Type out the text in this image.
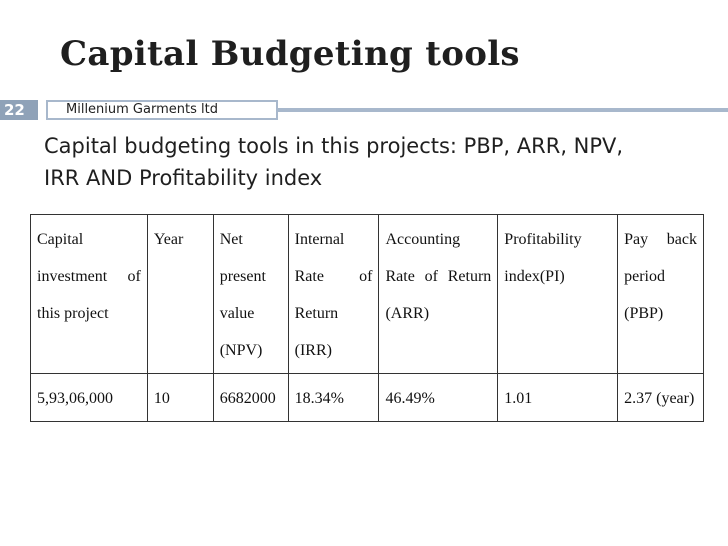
Capital Budgeting tools
22	Millenium Garments ltd
Capital budgeting tools in this projects: PBP, ARR, NPV, IRR AND Profitability index
Capital investment of this project	Year	Net present value (NPV)	Internal Rate of Return (IRR)	Accounting Rate of Return (ARR)	Profitability index(PI)	Pay back period (PBP)
5,93,06,000	10	6682000	18.34%	46.49%	1.01	2.37 (year)
